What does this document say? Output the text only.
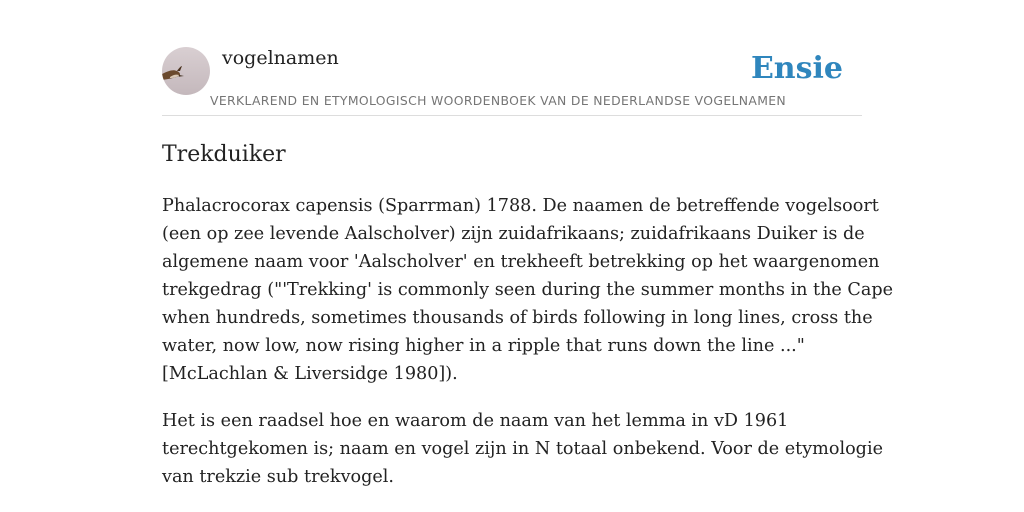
vogelnamen
VERKLAREND EN ETYMOLOGISCH WOORDENBOEK VAN DE NEDERLANDSE VOGELNAMEN
Ensie
Trekduiker

Phalacrocorax capensis (Sparrman) 1788. De naamen de betreffende vogelsoort
(een op zee levende Aalscholver) zijn zuidafrikaans; zuidafrikaans Duiker is de
algemene naam voor 'Aalscholver' en trekheeft betrekking op het waargenomen
trekgedrag ("'Trekking' is commonly seen during the summer months in the Cape
when hundreds, sometimes thousands of birds following in long lines, cross the
water, now low, now rising higher in a ripple that runs down the line ..."
[McLachlan & Liversidge 1980]).

Het is een raadsel hoe en waarom de naam van het lemma in vD 1961
terechtgekomen is; naam en vogel zijn in N totaal onbekend. Voor de etymologie
van trekzie sub trekvogel.
